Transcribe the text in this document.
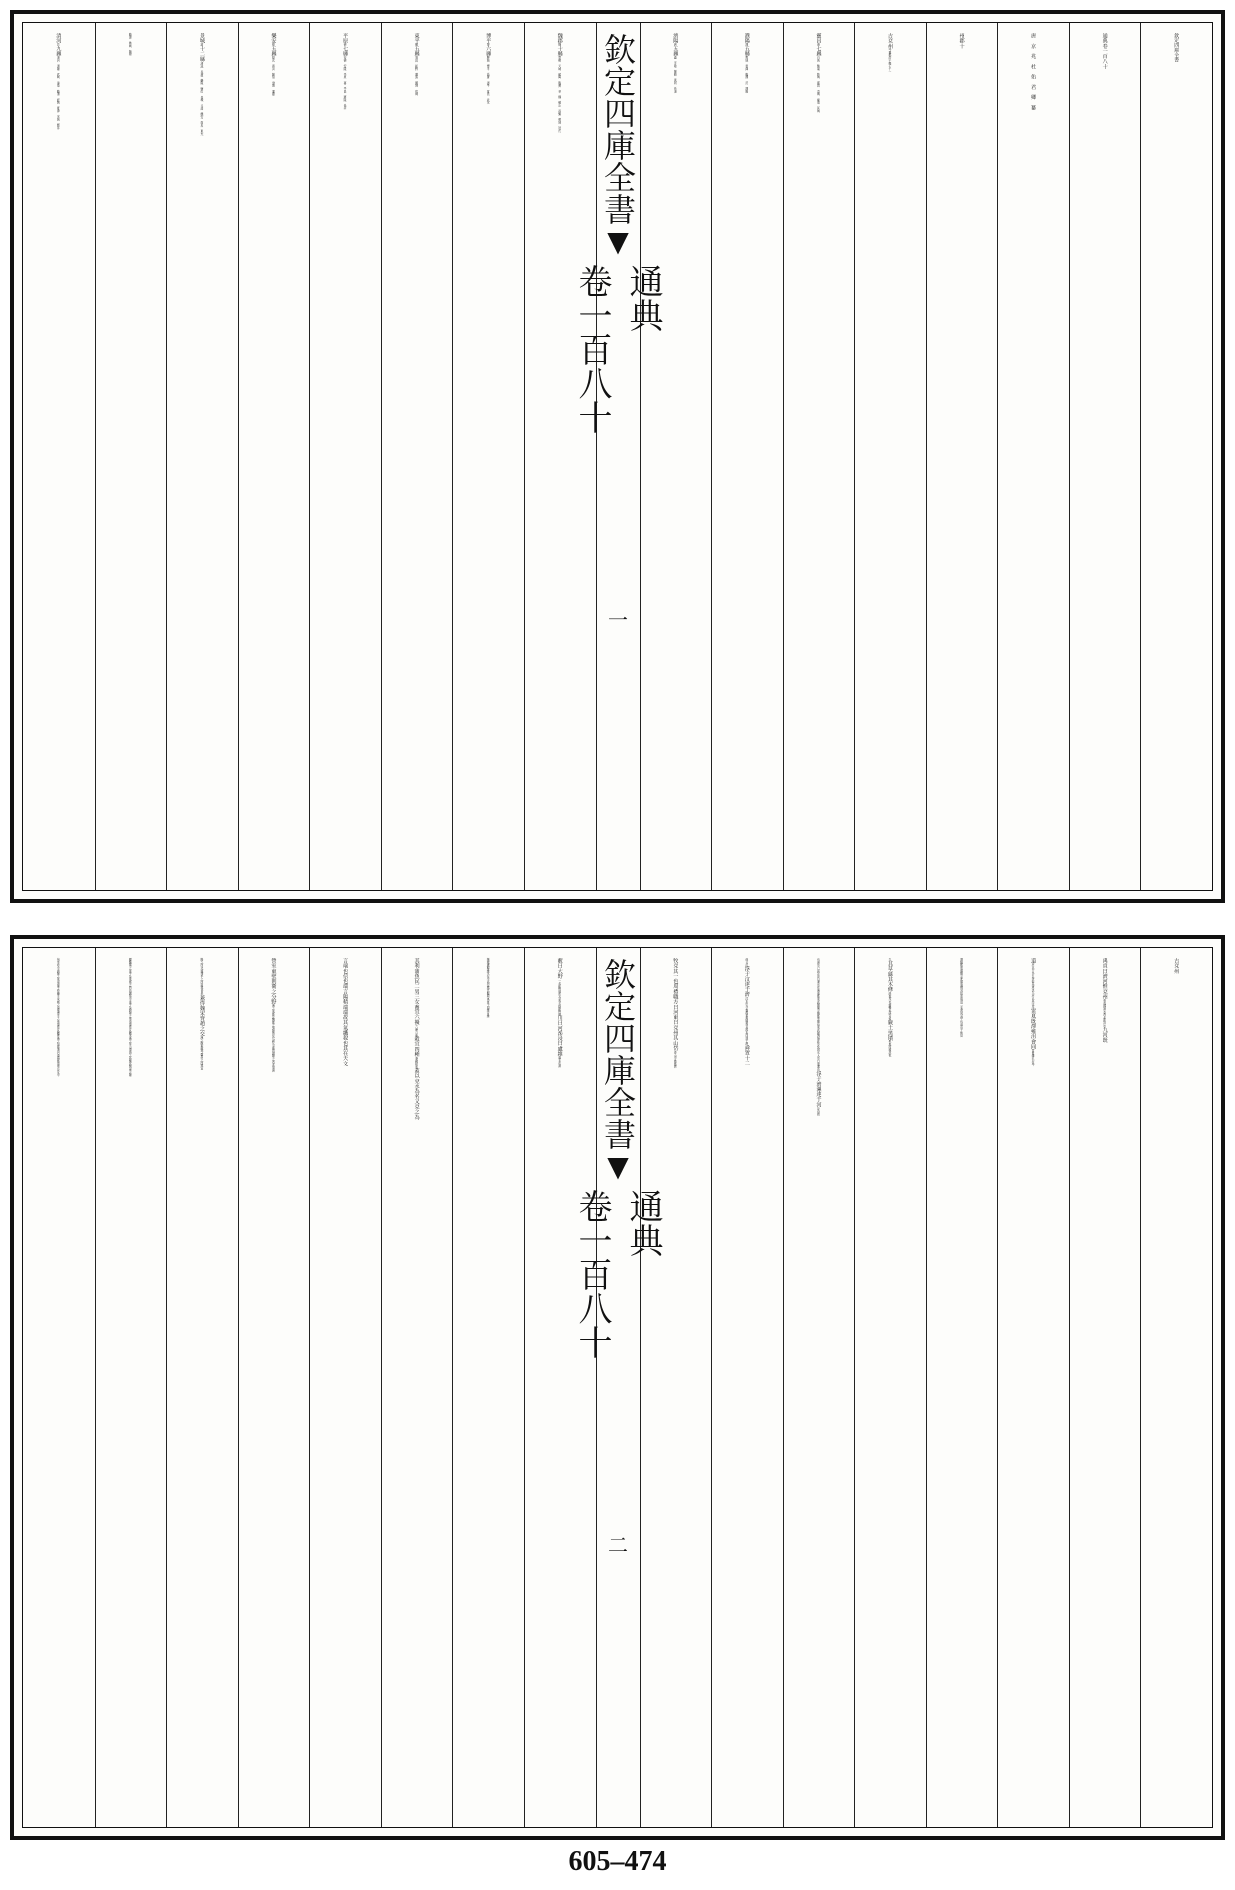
欽定四庫全書
通典卷一百八十
唐　京　兆　杜　佑　君　卿　纂
州郡十
古兗州今置郡府十縣七十一
靈昌滑七縣白馬　酸棗　胙城　靈昌　韋城　衛南　匡城
濮陽濮五縣鄄城　雷澤　臨濮　范　濮陽
濟陽濟五縣盧　平陰　陽穀　東阿　長清
欽定四庫全書
▼
通典
卷一百八十
一
魏郡魏十縣貴鄉　元城　館陶　臨黃　莘　魏　頓丘　昌樂　朝城　冠氏
博平博六縣聊城　博平　高唐　清平　堂邑　武水
東平鄆五縣須昌　鉅野　壽張　鄆城　宿城
平原德七縣安德　安陵　平原　蓨　平昌　將陵　長河
樂安棣五縣厭次　商河　陽信　渤海　蒲臺
景城滄十二縣清池　長蘆　樂陵　鹽山　景城　弓高　饒安　南皮　東光
臨津　魯城　無棣
清河貝九縣清河　清陽　武城　漳南　臨清　經城　夏津　宋城　歷亭
古兗州
禹貢曰濟河惟兗州東南據濟水西北距河也九河既
道河水分為九各從其道也九河已具注序雷夏既澤雍沮會同雷夏澤名在今
濮陽郡雷澤縣言此澤還復其故而雍沮二水會同其中也沮音千餘反
以其草繇其木條繇悅茂也條暢也繇音遙厥土黑墳色黑而墳起也
也濟水已具注序目漯水在漢東郡東武陽縣今魏郡莘縣有東武陽城無此水矣因水入水曰達漯音浮于濟漯達于河浮舟渡
他合反浮于汶達于濟汶水出今魯郡萊蕪縣界言渡水西達于濟舜置十二
牧兗其一也周禮職方曰河東曰兗州其山岱泰山今魯郡界
欽定四庫全書
▼
通典
卷一百八十
二
藪曰大野一名鉅野澤在今東平郡鉅野縣川曰河泲浸曰盧維盧水在濟
陽郡盧縣維水在今高密郡莒縣與禹貢不同維音維
其利蒲魚民二男三女畜宜六擾六擾六畜穀宜四種黍稷稻麥蓋以兗水為名又兗之為
言端也信也端言陽精端端故其氣纖殺也其在天文
營室東壁則衛之分野漢之東郡及魏郡之黎陽皆其分野今靈昌濮陽之西北境濟
陽之西北境博平之西南境皆是兼得魏宋齊趙之交漢之酸棗縣今靈昌之西境宜
屬魏漢之東平及東郡之西昌壽張今東平及濮陽之東南境皆宜屬宋漢之泰山渤海之高樂高城重合陽
信平原今濟陽之東南境平原樂平景城之南境博平之東境皆宜屬齊漢之信都清河渤海郡南至浮水今
605–474
